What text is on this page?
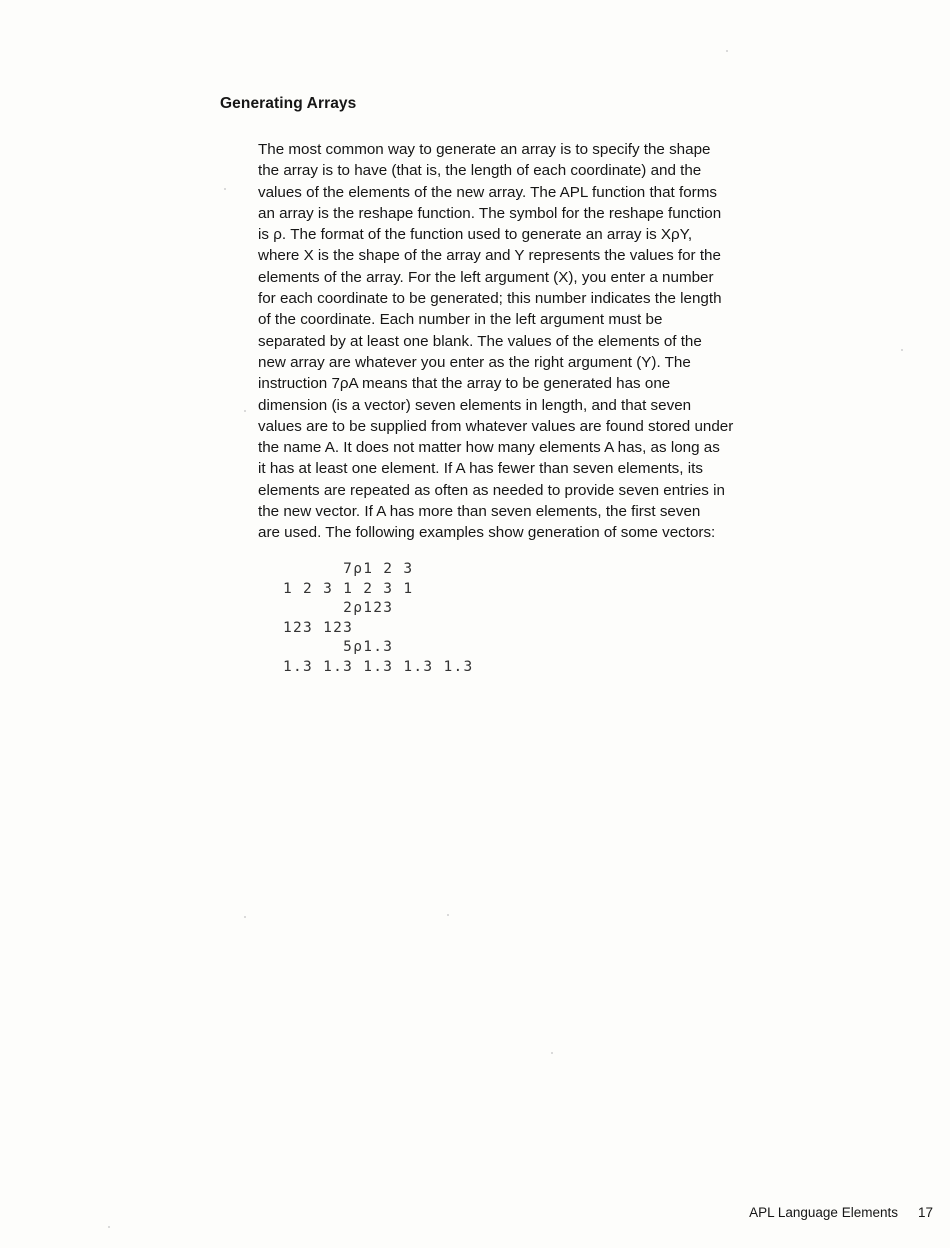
Generating Arrays

The most common way to generate an array is to specify the shape
the array is to have (that is, the length of each coordinate) and the
values of the elements of the new array. The APL function that forms
an array is the reshape function. The symbol for the reshape function
is ρ. The format of the function used to generate an array is XρY,
where X is the shape of the array and Y represents the values for the
elements of the array. For the left argument (X), you enter a number
for each coordinate to be generated; this number indicates the length
of the coordinate. Each number in the left argument must be
separated by at least one blank. The values of the elements of the
new array are whatever you enter as the right argument (Y). The
instruction 7ρA means that the array to be generated has one
dimension (is a vector) seven elements in length, and that seven
values are to be supplied from whatever values are found stored under
the name A. It does not matter how many elements A has, as long as
it has at least one element. If A has fewer than seven elements, its
elements are repeated as often as needed to provide seven entries in
the new vector. If A has more than seven elements, the first seven
are used. The following examples show generation of some vectors:

7ρ1 2 3
1 2 3 1 2 3 1
2ρ123
123 123
5ρ1.3
1.3 1.3 1.3 1.3 1.3
APL Language Elements 17
